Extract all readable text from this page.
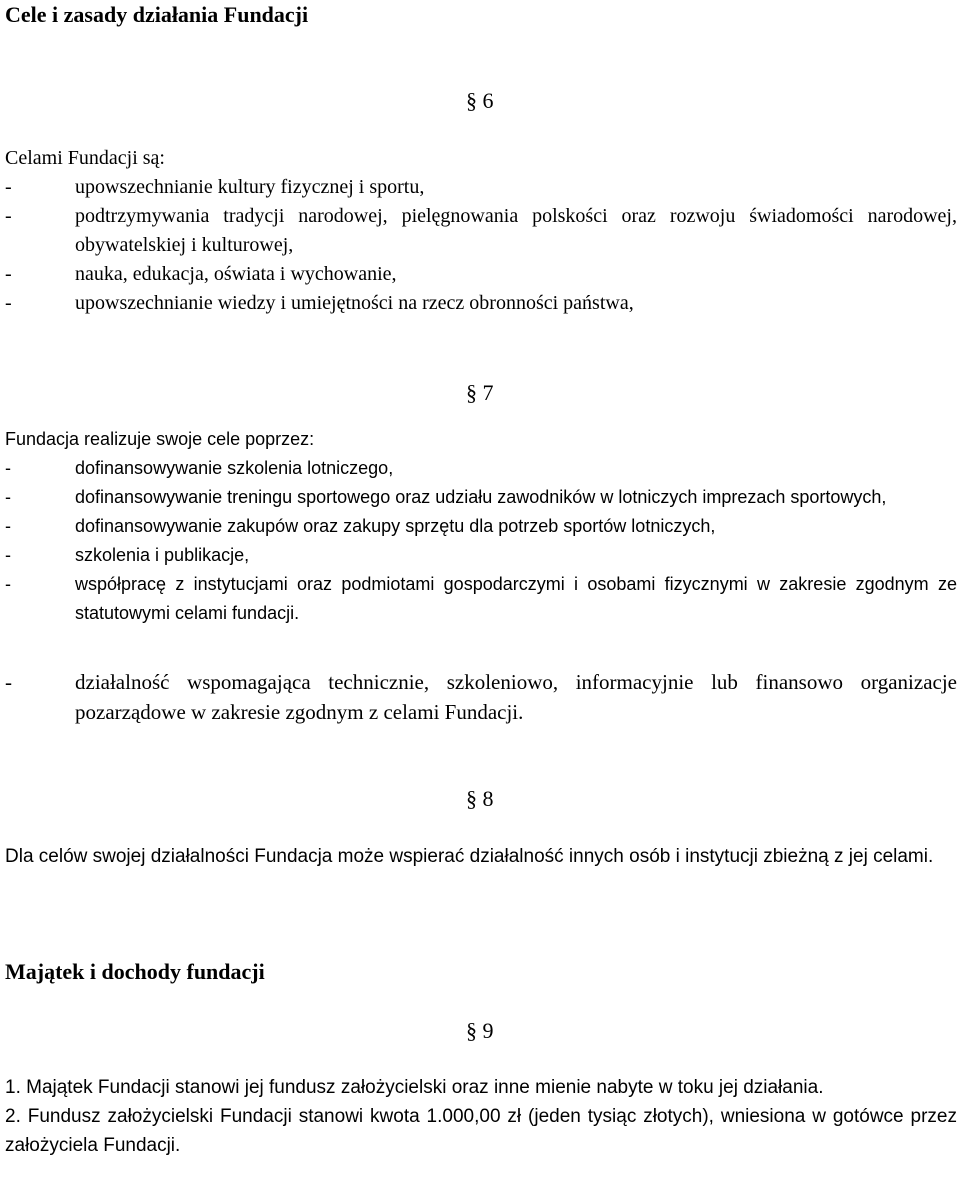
Cele i zasady działania Fundacji
§ 6
Celami Fundacji są:
-	upowszechnianie kultury fizycznej i sportu,
-	podtrzymywania tradycji narodowej, pielęgnowania polskości oraz rozwoju świadomości narodowej, obywatelskiej i kulturowej,
-	nauka, edukacja, oświata i wychowanie,
-	upowszechnianie wiedzy i umiejętności na rzecz obronności państwa,
§ 7
Fundacja realizuje swoje cele poprzez:
-	dofinansowywanie szkolenia lotniczego,
-	dofinansowywanie treningu sportowego oraz udziału zawodników w lotniczych imprezach sportowych,
-	dofinansowywanie zakupów oraz zakupy sprzętu dla potrzeb sportów lotniczych,
-	szkolenia i publikacje,
-	współpracę z instytucjami oraz podmiotami gospodarczymi i osobami fizycznymi w zakresie zgodnym ze statutowymi celami fundacji.
-	działalność wspomagająca technicznie, szkoleniowo, informacyjnie lub finansowo organizacje pozarządowe w zakresie zgodnym z celami Fundacji.
§ 8
Dla celów swojej działalności Fundacja może wspierać działalność innych osób i instytucji zbieżną z jej celami.
Majątek i dochody fundacji
§ 9
1. Majątek Fundacji stanowi jej fundusz założycielski oraz inne mienie nabyte w toku jej działania.
2. Fundusz założycielski Fundacji stanowi kwota 1.000,00 zł (jeden tysiąc złotych), wniesiona w gotówce przez założyciela Fundacji.
